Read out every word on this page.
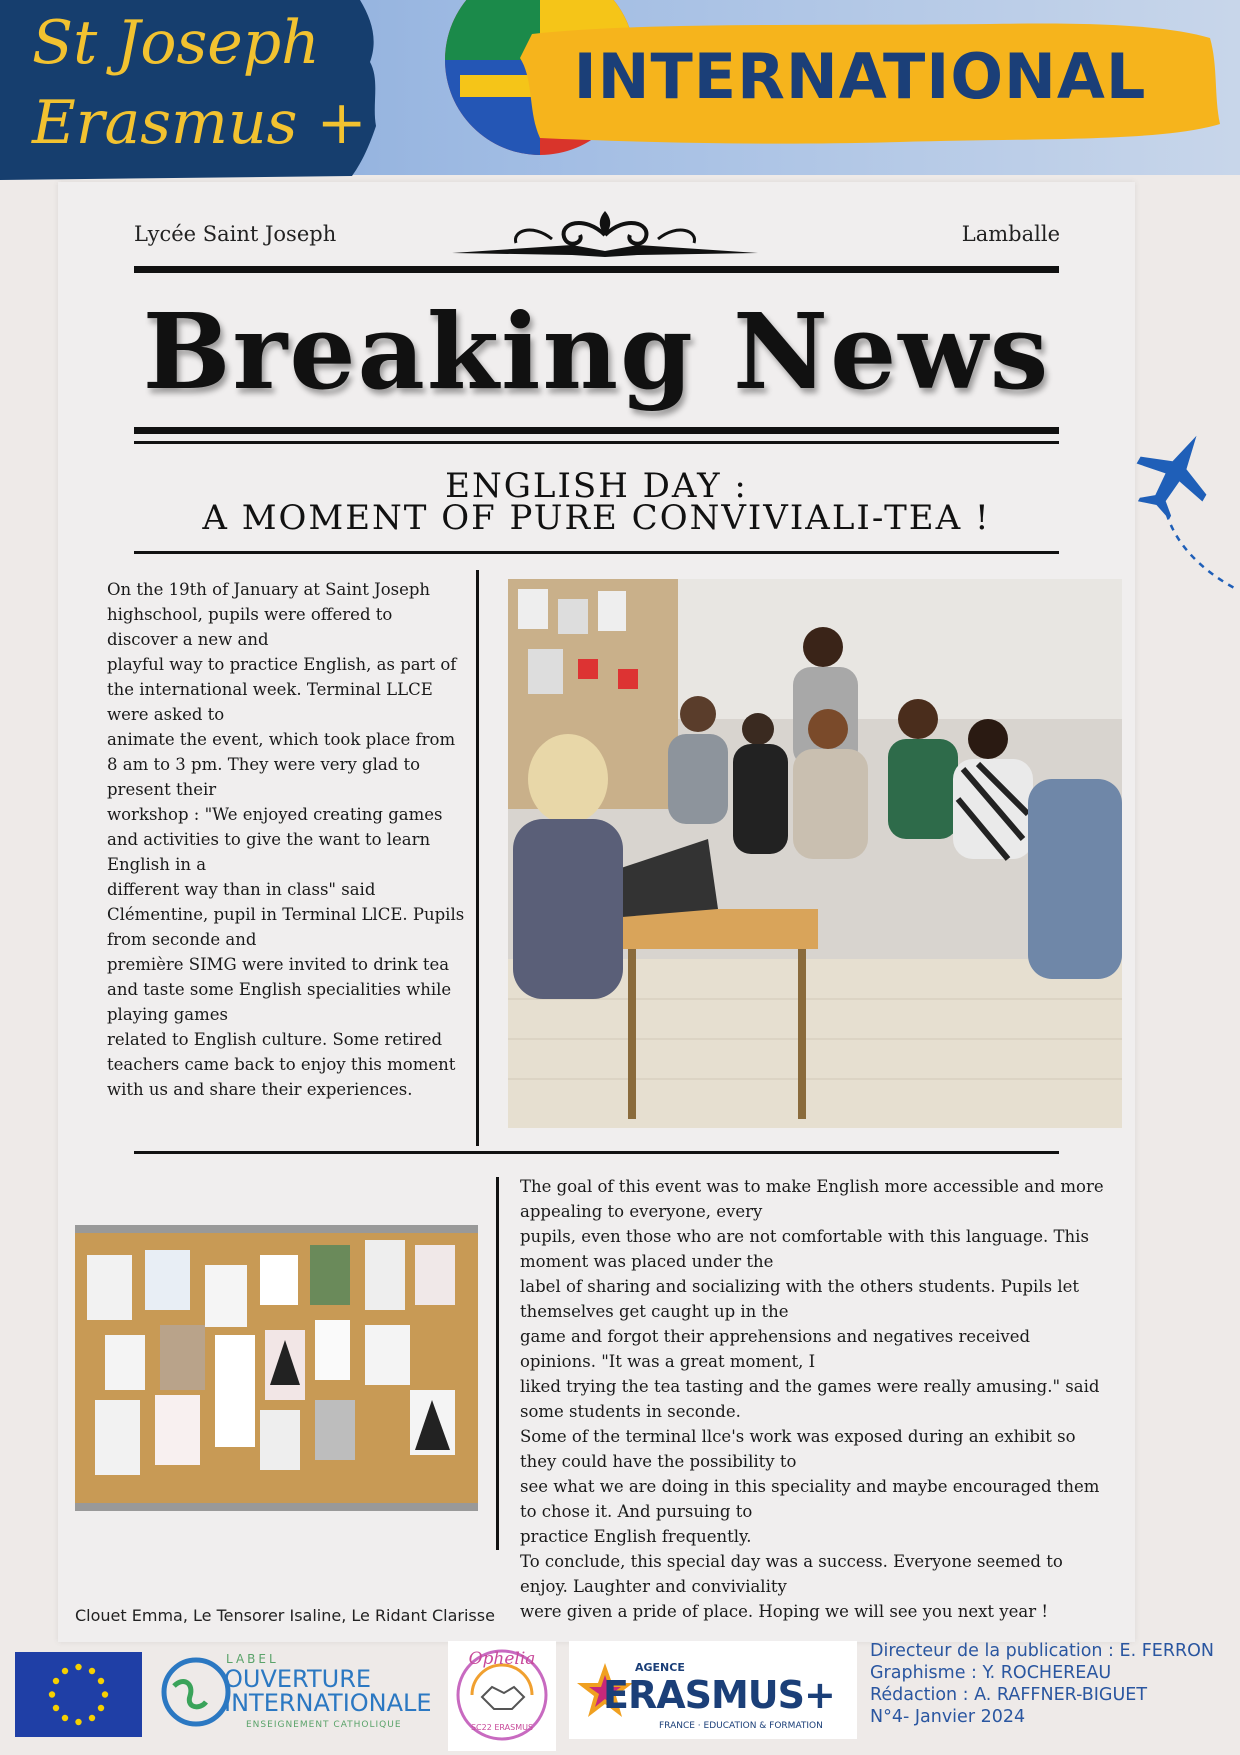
St Joseph
Erasmus +
INTERNATIONAL
Lycée Saint Joseph	Lamballe
Breaking News
ENGLISH DAY :
A MOMENT OF PURE CONVIVIALI-TEA !

On the 19th of January at Saint Joseph highschool, pupils were offered to discover a new and

playful way to practice English, as part of the international week. Terminal LLCE were asked to

animate the event, which took place from 8 am to 3 pm. They were very glad to present their

workshop : "We enjoyed creating games and activities to give the want to learn English in a

different way than in class" said Clémentine, pupil in Terminal LlCE. Pupils from seconde and

première SIMG were invited to drink tea and taste some English specialities while playing games

related to English culture. Some retired teachers came back to enjoy this moment with us and share their experiences.

Clouet Emma, Le Tensorer Isaline, Le Ridant Clarisse

The goal of this event was to make English more accessible and more appealing to everyone, every

pupils, even those who are not comfortable with this language. This moment was placed under the

label of sharing and socializing with the others students. Pupils let themselves get caught up in the

game and forgot their apprehensions and negatives received opinions. "It was a great moment, I

liked trying the tea tasting and the games were really amusing." said some students in seconde.

Some of the terminal llce's work was exposed during an exhibit so they could have the possibility to

see what we are doing in this speciality and maybe encouraged them to chose it. And pursuing to

practice English frequently.

To conclude, this special day was a success. Everyone seemed to enjoy. Laughter and conviviality

were given a pride of place. Hoping we will see you next year !

LABEL
OUVERTURE
INTERNATIONALE
ENSEIGNEMENT CATHOLIQUE
Ophelia
SC22 ERASMUS
AGENCE
ERASMUS+
FRANCE · EDUCATION & FORMATION
Directeur de la publication : E. FERRON
Graphisme : Y. ROCHEREAU
Rédaction : A. RAFFNER-BIGUET
N°4- Janvier 2024
